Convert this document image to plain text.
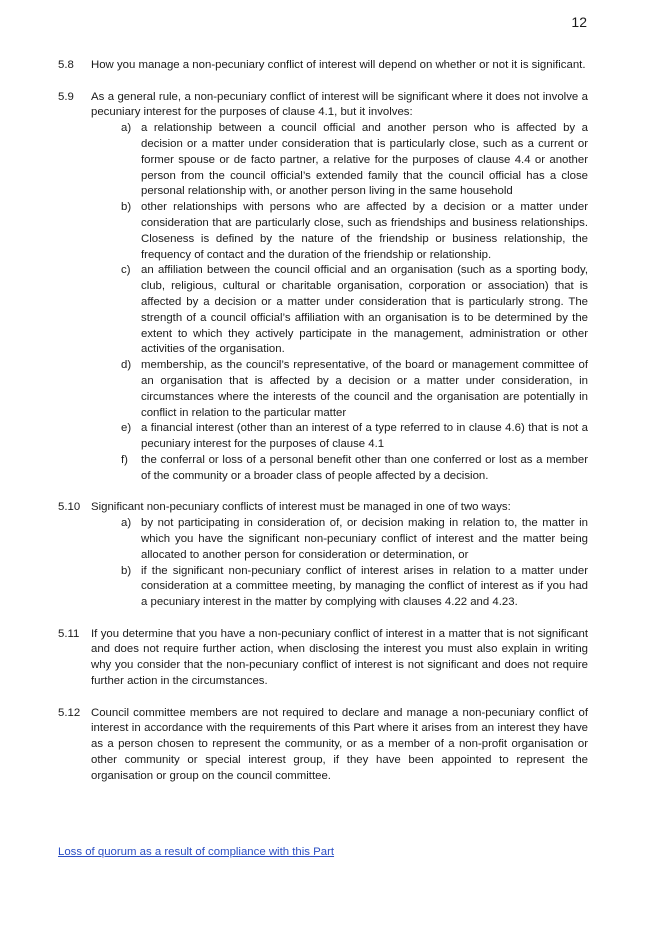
12
5.8	How you manage a non-pecuniary conflict of interest will depend on whether or not it is significant.
5.9	As a general rule, a non-pecuniary conflict of interest will be significant where it does not involve a pecuniary interest for the purposes of clause 4.1, but it involves:
a) a relationship between a council official and another person who is affected by a decision or a matter under consideration that is particularly close, such as a current or former spouse or de facto partner, a relative for the purposes of clause 4.4 or another person from the council official’s extended family that the council official has a close personal relationship with, or another person living in the same household
b) other relationships with persons who are affected by a decision or a matter under consideration that are particularly close, such as friendships and business relationships. Closeness is defined by the nature of the friendship or business relationship, the frequency of contact and the duration of the friendship or relationship.
c) an affiliation between the council official and an organisation (such as a sporting body, club, religious, cultural or charitable organisation, corporation or association) that is affected by a decision or a matter under consideration that is particularly strong. The strength of a council official’s affiliation with an organisation is to be determined by the extent to which they actively participate in the management, administration or other activities of the organisation.
d) membership, as the council’s representative, of the board or management committee of an organisation that is affected by a decision or a matter under consideration, in circumstances where the interests of the council and the organisation are potentially in conflict in relation to the particular matter
e) a financial interest (other than an interest of a type referred to in clause 4.6) that is not a pecuniary interest for the purposes of clause 4.1
f)	the conferral or loss of a personal benefit other than one conferred or lost as a member of the community or a broader class of people affected by a decision.
5.10 Significant non-pecuniary conflicts of interest must be managed in one of two ways:
a) by not participating in consideration of, or decision making in relation to, the matter in which you have the significant non-pecuniary conflict of interest and the matter being allocated to another person for consideration or determination, or
b) if the significant non-pecuniary conflict of interest arises in relation to a matter under consideration at a committee meeting, by managing the conflict of interest as if you had a pecuniary interest in the matter by complying with clauses 4.22 and 4.23.
5.11	If you determine that you have a non-pecuniary conflict of interest in a matter that is not significant and does not require further action, when disclosing the interest you must also explain in writing why you consider that the non-pecuniary conflict of interest is not significant and does not require further action in the circumstances.
5.12 Council committee members are not required to declare and manage a non-pecuniary conflict of interest in accordance with the requirements of this Part where it arises from an interest they have as a person chosen to represent the community, or as a member of a non-profit organisation or other community or special interest group, if they have been appointed to represent the organisation or group on the council committee.
Loss of quorum as a result of compliance with this Part
